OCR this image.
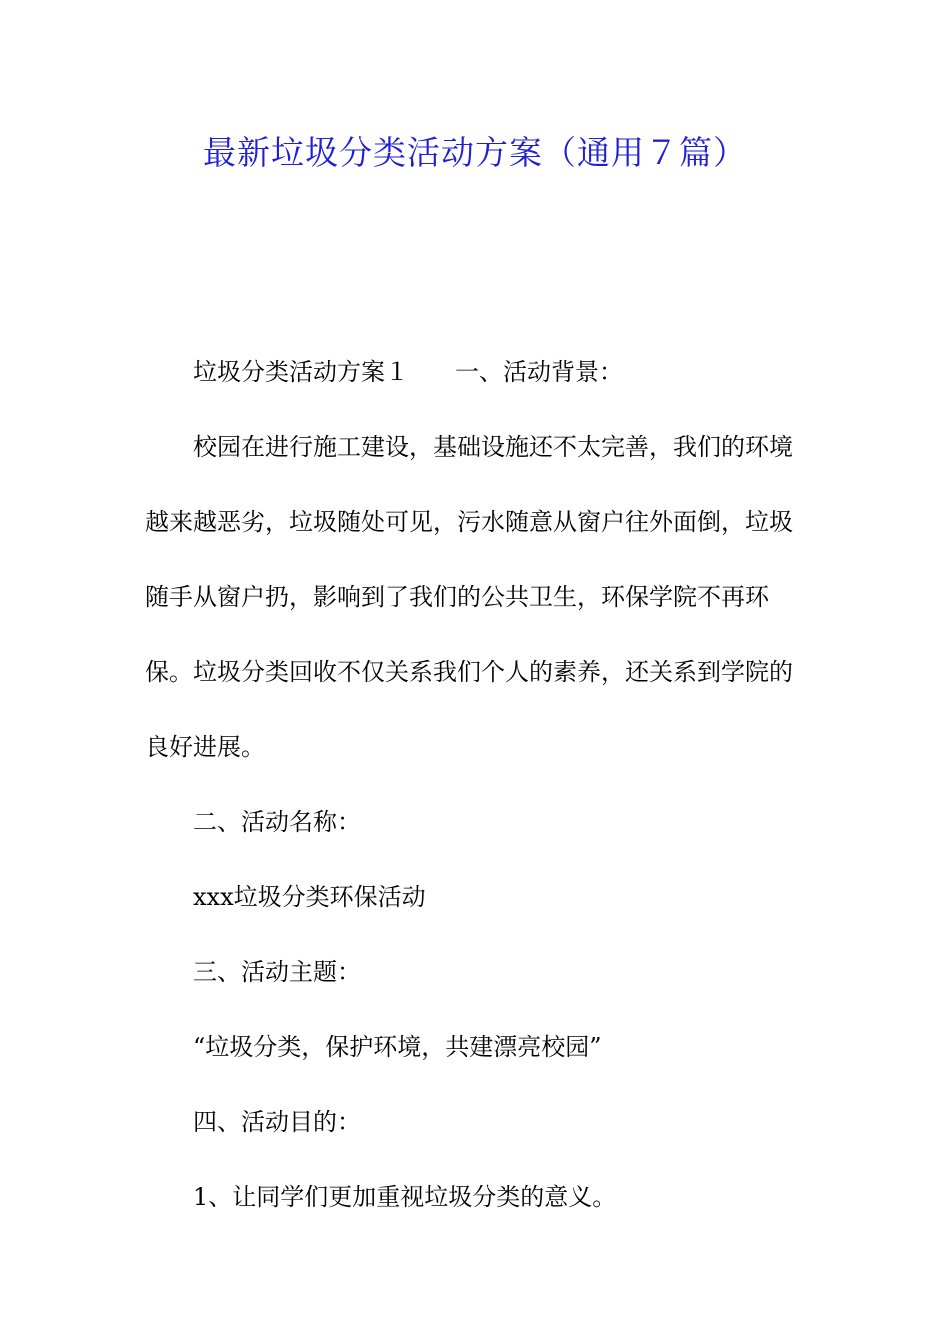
最新垃圾分类活动方案（通用７篇）

垃圾分类活动方案１ 一、活动背景：

校园在进行施工建设，基础设施还不太完善，我们的环境越来越恶劣，垃圾随处可见，污水随意从窗户往外面倒，垃圾随手从窗户扔，影响到了我们的公共卫生，环保学院不再环保。垃圾分类回收不仅关系我们个人的素养，还关系到学院的良好进展。

二、活动名称：

xxx垃圾分类环保活动

三、活动主题：

“垃圾分类，保护环境，共建漂亮校园”

四、活动目的：

1、让同学们更加重视垃圾分类的意义。
